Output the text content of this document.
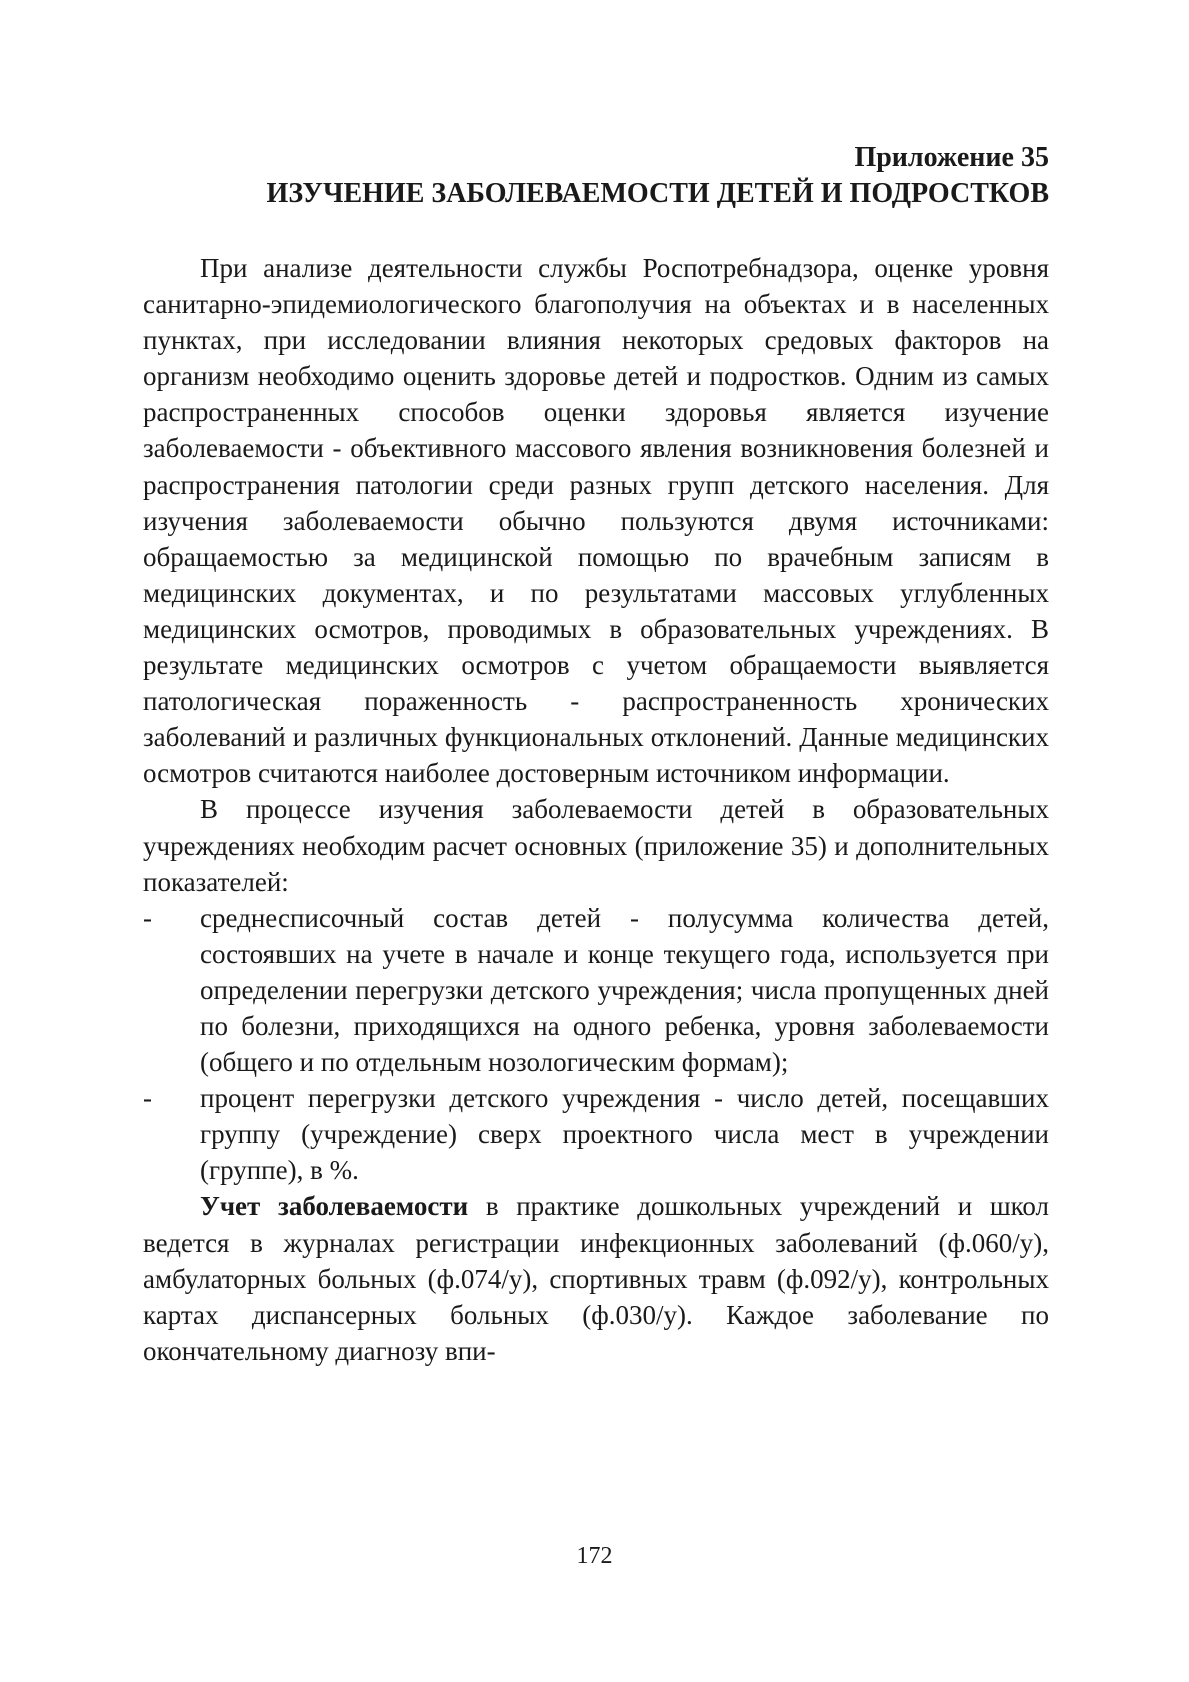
Приложение 35

ИЗУЧЕНИЕ ЗАБОЛЕВАЕМОСТИ ДЕТЕЙ И ПОДРОСТКОВ

При анализе деятельности службы Роспотребнадзора, оценке уровня санитарно-эпидемиологического благополучия на объектах и в населенных пунктах, при исследовании влияния некоторых средовых факторов на организм необходимо оценить здоровье детей и подростков. Одним из самых распространенных способов оценки здоровья является изучение заболеваемости - объективного массового явления возникновения болезней и распространения патологии среди разных групп детского населения. Для изучения заболеваемости обычно пользуются двумя источниками: обращаемостью за медицинской помощью по врачебным записям в медицинских документах, и по результатами массовых углубленных медицинских осмотров, проводимых в образовательных учреждениях. В результате медицинских осмотров с учетом обращаемости выявляется патологическая пораженность - распространенность хронических заболеваний и различных функциональных отклонений. Данные медицинских осмотров считаются наиболее достоверным источником информации.

В процессе изучения заболеваемости детей в образовательных учреждениях необходим расчет основных (приложение 35) и дополнительных показателей:

- среднесписочный состав детей - полусумма количества детей, состоявших на учете в начале и конце текущего года, используется при определении перегрузки детского учреждения; числа пропущенных дней по болезни, приходящихся на одного ребенка, уровня заболеваемости (общего и по отдельным нозологическим формам);
- процент перегрузки детского учреждения - число детей, посещавших группу (учреждение) сверх проектного числа мест в учреждении (группе), в %.

Учет заболеваемости в практике дошкольных учреждений и школ ведется в журналах регистрации инфекционных заболеваний (ф.060/у), амбулаторных больных (ф.074/у), спортивных травм (ф.092/у), контрольных картах диспансерных больных (ф.030/у). Каждое заболевание по окончательному диагнозу впи-

172
